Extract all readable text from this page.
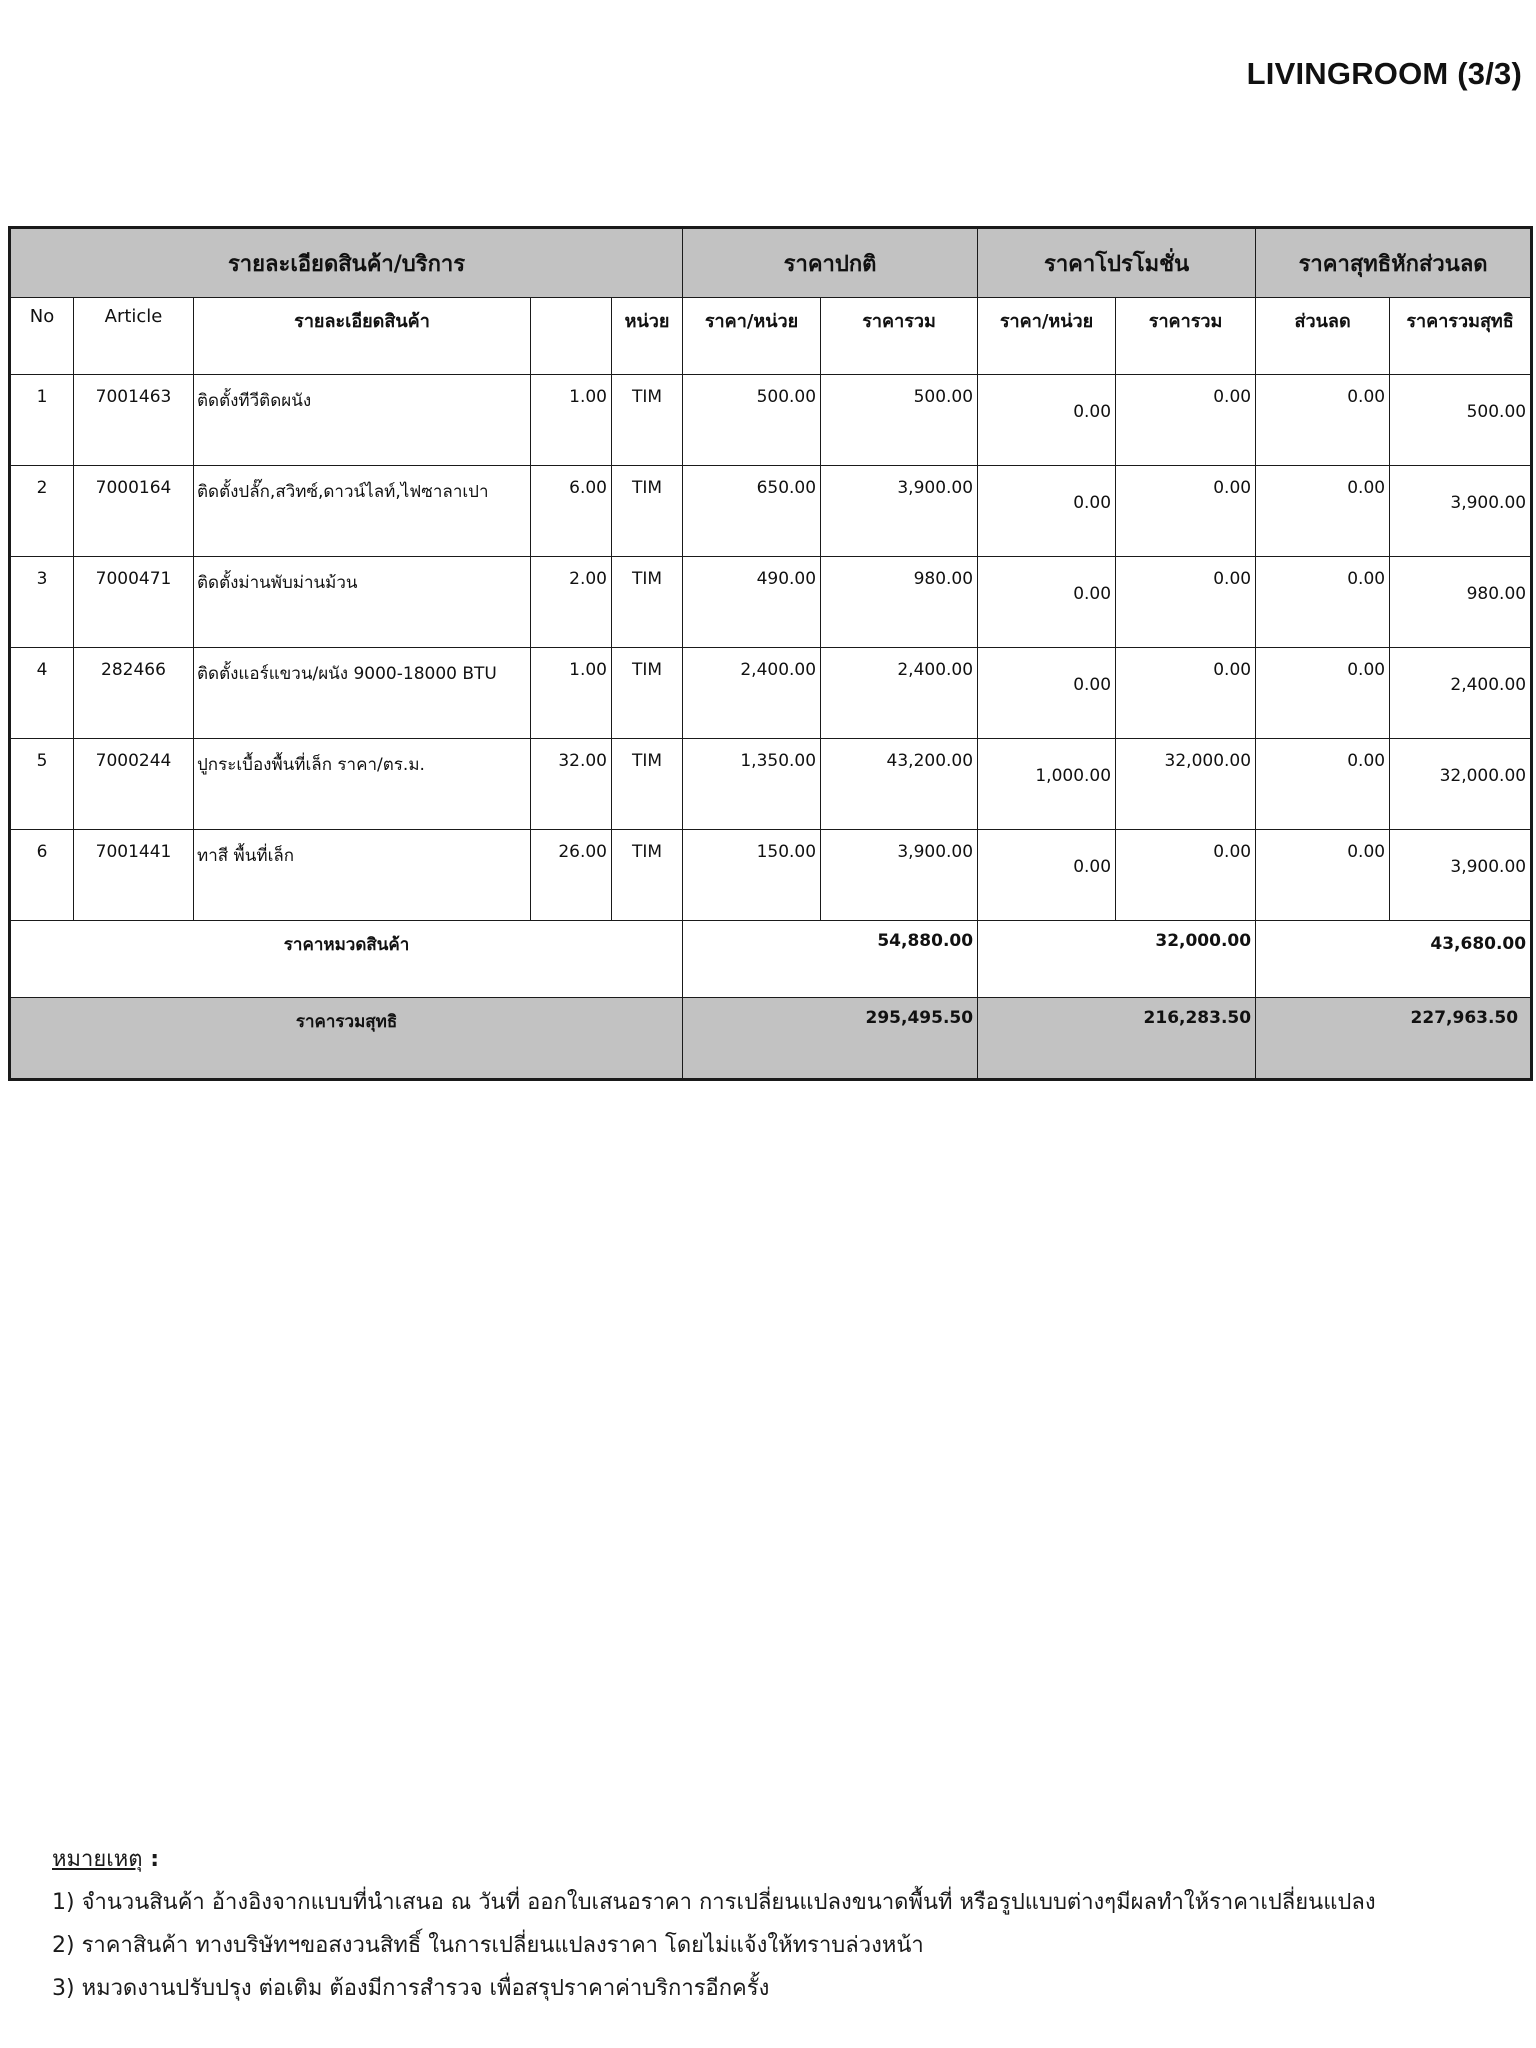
LIVINGROOM (3/3)
รายละเอียดสินค้า/บริการ					ราคาปกติ		ราคาโปรโมชั่น		ราคาสุทธิหักส่วนลด	
No	Article	รายละเอียดสินค้า		หน่วย	ราคา/หน่วย	ราคารวม	ราคา/หน่วย	ราคารวม	ส่วนลด	ราคารวมสุทธิ
1	7001463	ติดตั้งทีวีติดผนัง	1.00	TIM	500.00	500.00	0.00	0.00	0.00	500.00

2	7000164	ติดตั้งปลั๊ก,สวิทซ์,ดาวน์ไลท์,ไฟซาลาเปา	6.00	TIM	650.00	3,900.00	0.00	0.00	0.00	3,900.00

3	7000471	ติดตั้งม่านพับม่านม้วน	2.00	TIM	490.00	980.00	0.00	0.00	0.00	980.00

4	282466	ติดตั้งแอร์แขวน/ผนัง 9000-18000 BTU	1.00	TIM	2,400.00	2,400.00	0.00	0.00	0.00	2,400.00

5	7000244	ปูกระเบื้องพื้นที่เล็ก ราคา/ตร.ม.	32.00	TIM	1,350.00	43,200.00	1,000.00	32,000.00	0.00	32,000.00

6	7001441	ทาสี พื้นที่เล็ก	26.00	TIM	150.00	3,900.00	0.00	0.00	0.00	3,900.00

ราคาหมวดสินค้า					54,880.00		32,000.00		43,680.00	

ราคารวมสุทธิ					295,495.50		216,283.50		227,963.50	
หมายเหตุ :
1) จำนวนสินค้า อ้างอิงจากแบบที่นำเสนอ ณ วันที่ ออกใบเสนอราคา การเปลี่ยนแปลงขนาดพื้นที่ หรือรูปแบบต่างๆมีผลทำให้ราคาเปลี่ยนแปลง
2) ราคาสินค้า ทางบริษัทฯขอสงวนสิทธิ์ ในการเปลี่ยนแปลงราคา โดยไม่แจ้งให้ทราบล่วงหน้า
3) หมวดงานปรับปรุง ต่อเติม ต้องมีการสำรวจ เพื่อสรุปราคาค่าบริการอีกครั้ง
